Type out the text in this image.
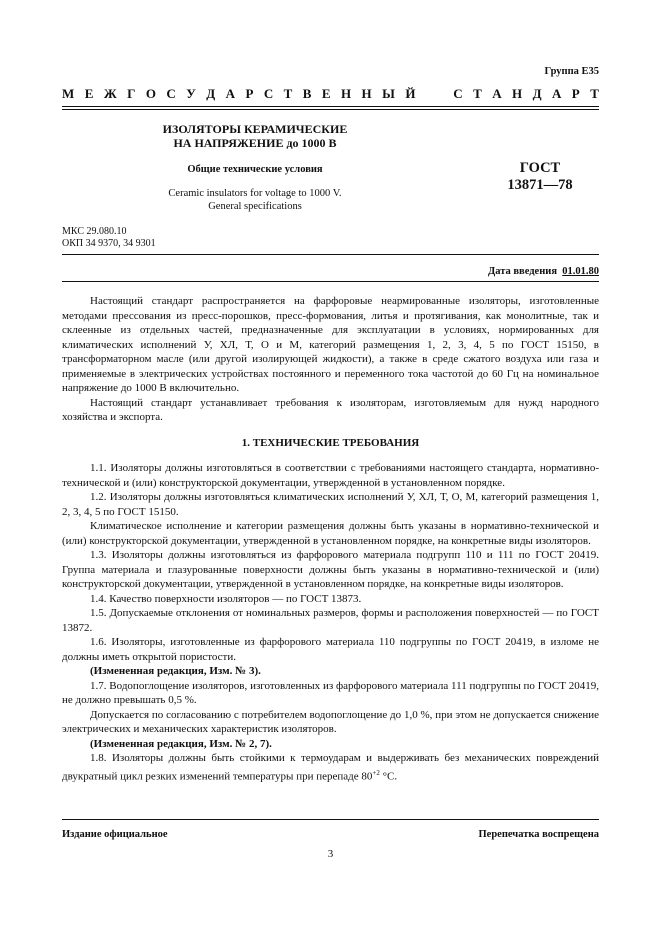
Группа Е35
М Е Ж Г О С У Д А Р С Т В Е Н Н Ы Й

	С Т А Н Д А Р Т
ИЗОЛЯТОРЫ КЕРАМИЧЕСКИЕ
НА НАПРЯЖЕНИЕ до 1000 В
Общие технические условия
Ceramic insulators for voltage to 1000 V.
General specifications
ГОСТ
13871—78
МКС 29.080.10
ОКП 34 9370, 34 9301
Дата введения 01.01.80

Настоящий стандарт распространяется на фарфоровые неармированные изоляторы, изготовленные методами прессования из пресс-порошков, пресс-формования, литья и протягивания, как монолитные, так и склеенные из отдельных частей, предназначенные для эксплуатации в условиях, нормированных для климатических исполнений У, ХЛ, Т, О и М, категорий размещения 1, 2, 3, 4, 5 по ГОСТ 15150, в трансформаторном масле (или другой изолирующей жидкости), а также в среде сжатого воздуха или газа и применяемые в электрических устройствах постоянного и переменного тока частотой до 60 Гц на номинальное напряжение до 1000 В включительно.

Настоящий стандарт устанавливает требования к изоляторам, изготовляемым для нужд народного хозяйства и экспорта.

1. ТЕХНИЧЕСКИЕ ТРЕБОВАНИЯ

1.1. Изоляторы должны изготовляться в соответствии с требованиями настоящего стандарта, нормативно-технической и (или) конструкторской документации, утвержденной в установленном порядке.

1.2. Изоляторы должны изготовляться климатических исполнений У, ХЛ, Т, О, М, категорий размещения 1, 2, 3, 4, 5 по ГОСТ 15150.

Климатическое исполнение и категории размещения должны быть указаны в нормативно-технической и (или) конструкторской документации, утвержденной в установленном порядке, на конкретные виды изоляторов.

1.3. Изоляторы должны изготовляться из фарфорового материала подгрупп 110 и 111 по ГОСТ 20419. Группа материала и глазурованные поверхности должны быть указаны в нормативно-технической и (или) конструкторской документации, утвержденной в установленном порядке, на конкретные виды изоляторов.

1.4. Качество поверхности изоляторов — по ГОСТ 13873.

1.5. Допускаемые отклонения от номинальных размеров, формы и расположения поверхностей — по ГОСТ 13872.

1.6. Изоляторы, изготовленные из фарфорового материала 110 подгруппы по ГОСТ 20419, в изломе не должны иметь открытой пористости.

(Измененная редакция, Изм. № 3).

1.7. Водопоглощение изоляторов, изготовленных из фарфорового материала 111 подгруппы по ГОСТ 20419, не должно превышать 0,5 %.

Допускается по согласованию с потребителем водопоглощение до 1,0 %, при этом не допускается снижение электрических и механических характеристик изоляторов.

(Измененная редакция, Изм. № 2, 7).

1.8. Изоляторы должны быть стойкими к термоударам и выдерживать без механических повреждений двукратный цикл резких изменений температуры при перепаде $80^{+2}$ °С.

Издание официальное	Перепечатка воспрещена
3
